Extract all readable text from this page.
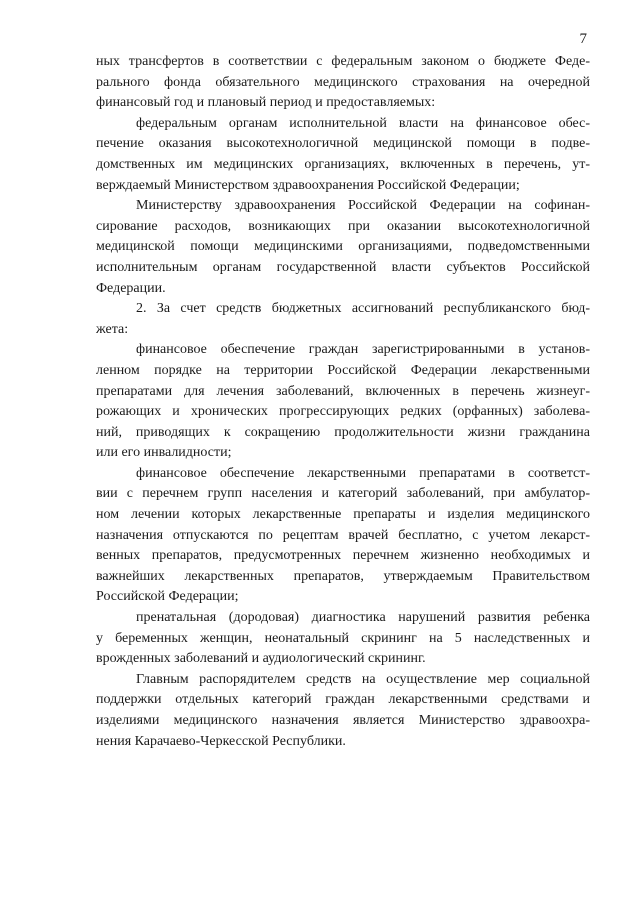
7
ных трансфертов в соответствии с федеральным законом о бюджете Феде-
рального фонда обязательного медицинского страхования на очередной
финансовый год и плановый период и предоставляемых:
федеральным органам исполнительной власти на финансовое обес-
печение оказания высокотехнологичной медицинской помощи в подве-
домственных им медицинских организациях, включенных в перечень, ут-
верждаемый Министерством здравоохранения Российской Федерации;
Министерству здравоохранения Российской Федерации на софинан-
сирование расходов, возникающих при оказании высокотехнологичной
медицинской помощи медицинскими организациями, подведомственными
исполнительным органам государственной власти субъектов Российской
Федерации.
2. За счет средств бюджетных ассигнований республиканского бюд-
жета:
финансовое обеспечение граждан зарегистрированными в установ-
ленном порядке на территории Российской Федерации лекарственными
препаратами для лечения заболеваний, включенных в перечень жизнеуг-
рожающих и хронических прогрессирующих редких (орфанных) заболева-
ний, приводящих к сокращению продолжительности жизни гражданина
или его инвалидности;
финансовое обеспечение лекарственными препаратами в соответст-
вии с перечнем групп населения и категорий заболеваний, при амбулатор-
ном лечении которых лекарственные препараты и изделия медицинского
назначения отпускаются по рецептам врачей бесплатно, с учетом лекарст-
венных препаратов, предусмотренных перечнем жизненно необходимых и
важнейших лекарственных препаратов, утверждаемым Правительством
Российской Федерации;
пренатальная (дородовая) диагностика нарушений развития ребенка
у беременных женщин, неонатальный скрининг на 5 наследственных и
врожденных заболеваний и аудиологический скрининг.
Главным распорядителем средств на осуществление мер социальной
поддержки отдельных категорий граждан лекарственными средствами и
изделиями медицинского назначения является Министерство здравоохра-
нения Карачаево-Черкесской Республики.
